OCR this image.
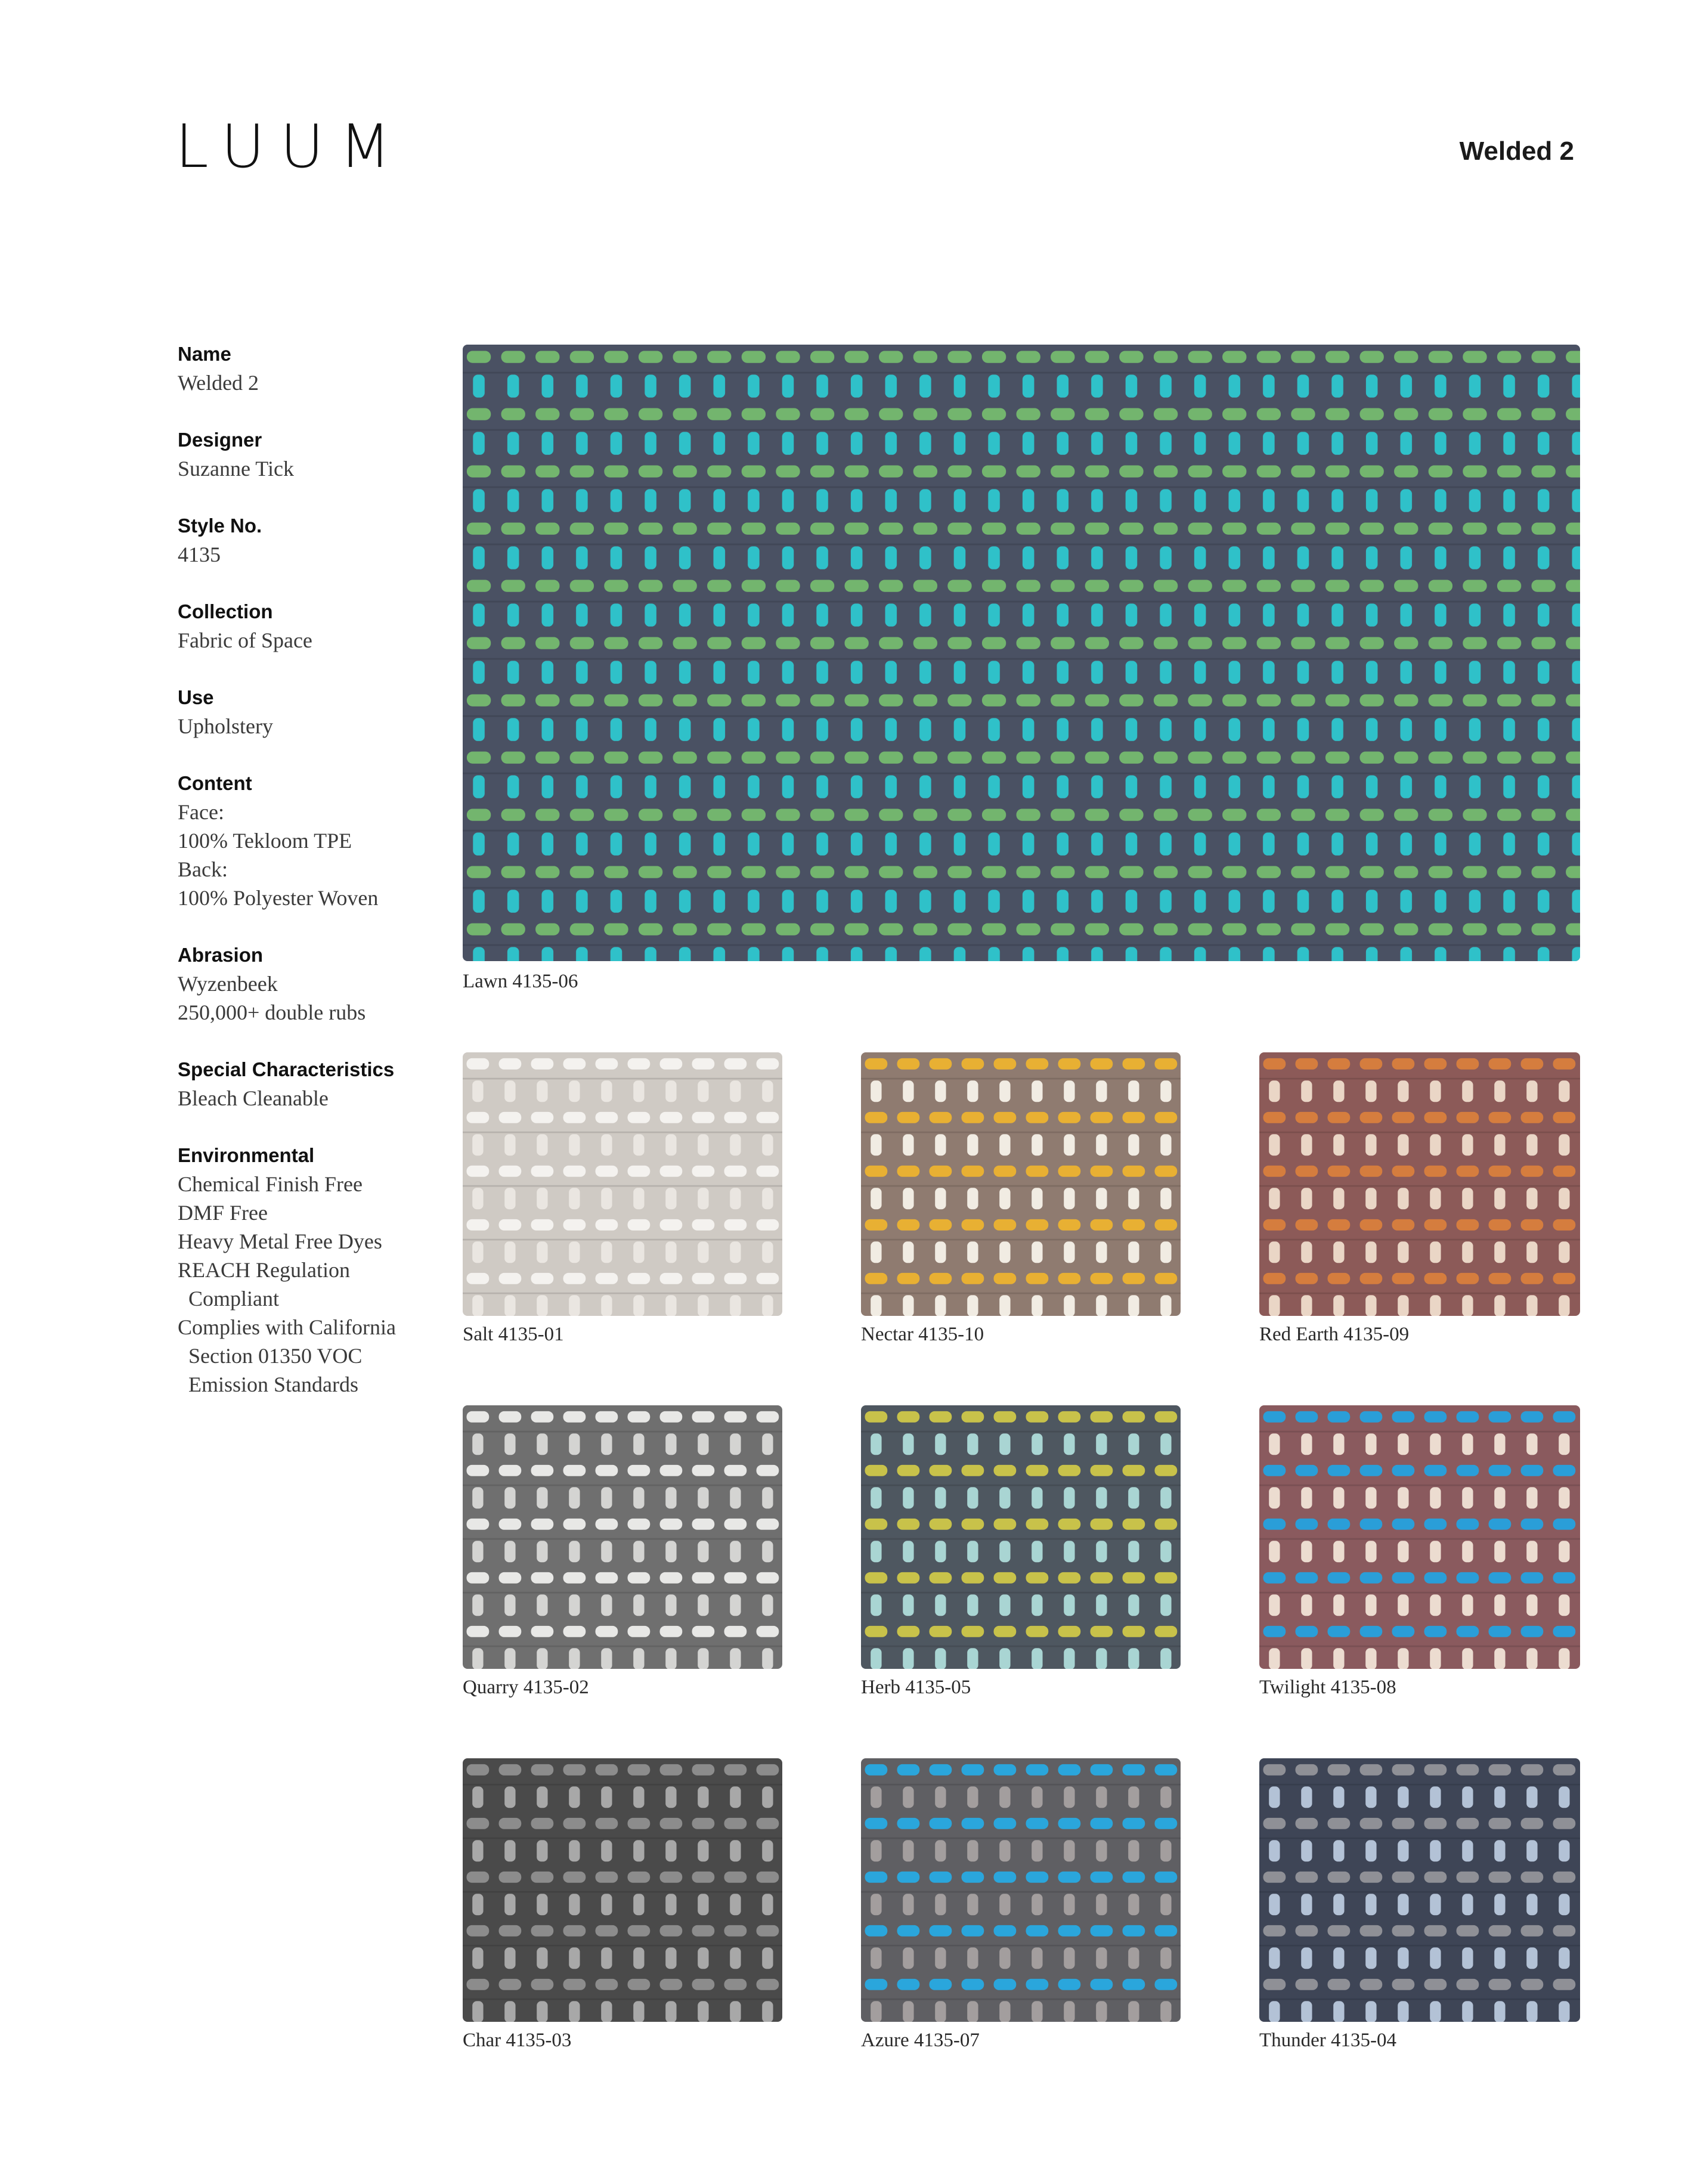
LUUM	Welded 2
Name
Welded 2
Designer
Suzanne Tick
Style No.
4135
Collection
Fabric of Space
Use
Upholstery
Content
Face:
100% Tekloom TPE
Back:
100% Polyester Woven
Abrasion
Wyzenbeek
250,000+ double rubs
Special Characteristics
Bleach Cleanable
Environmental
Chemical Finish Free
DMF Free
Heavy Metal Free Dyes
REACH Regulation
Compliant
Complies with California
Section 01350 VOC
Emission Standards
Lawn 4135-06
Salt 4135-01	Nectar 4135-10	Red Earth 4135-09
Quarry 4135-02	Herb 4135-05	Twilight 4135-08
Char 4135-03	Azure 4135-07	Thunder 4135-04
